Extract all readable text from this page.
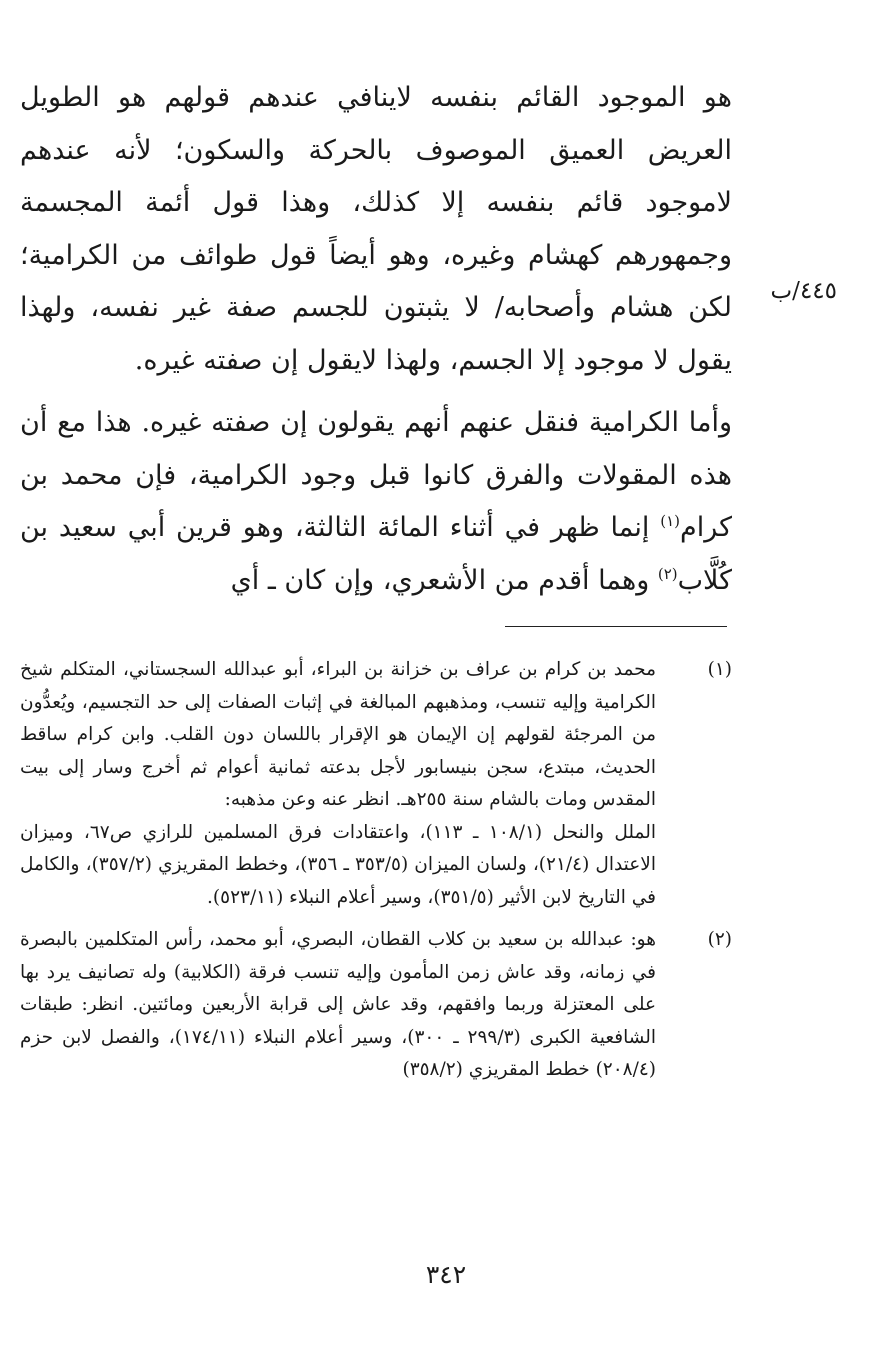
هو الموجود القائم بنفسه لاينافي عندهم قولهم هو الطويل العريض العميق الموصوف بالحركة والسكون؛ لأنه عندهم لاموجود قائم بنفسه إلا كذلك، وهذا قول أئمة المجسمة وجمهورهم كهشام وغيره، وهو أيضاً قول طوائف من الكرامية؛ لكن هشام وأصحابه/ لا يثبتون للجسم صفة غير نفسه، ولهذا يقول لا موجود إلا الجسم، ولهذا لايقول إن صفته غيره.

وأما الكرامية فنقل عنهم أنهم يقولون إن صفته غيره. هذا مع أن هذه المقولات والفرق كانوا قبل وجود الكرامية، فإن محمد بن كرام$^{(١)}$ إنما ظهر في أثناء المائة الثالثة، وهو قرين أبي سعيد بن كُلَّاب$^{(٢)}$ وهما أقدم من الأشعري، وإن كان ـ أي

٤٤٥/ب
(١)
محمد بن كرام بن عراف بن خزانة بن البراء، أبو عبدالله السجستاني، المتكلم شيخ الكرامية وإليه تنسب، ومذهبهم المبالغة في إثبات الصفات إلى حد التجسيم، ويُعدُّون من المرجئة لقولهم إن الإيمان هو الإقرار باللسان دون القلب. وابن كرام ساقط الحديث، مبتدع، سجن بنيسابور لأجل بدعته ثمانية أعوام ثم أخرج وسار إلى بيت المقدس ومات بالشام سنة ٢٥٥هـ. انظر عنه وعن مذهبه:
الملل والنحل (١٠٨/١ ـ ١١٣)، واعتقادات فرق المسلمين للرازي ص٦٧، وميزان الاعتدال (٢١/٤)، ولسان الميزان (٣٥٣/٥ ـ ٣٥٦)، وخطط المقريزي (٣٥٧/٢)، والكامل في التاريخ لابن الأثير (٣٥١/٥)، وسير أعلام النبلاء (٥٢٣/١١).
(٢)
هو: عبدالله بن سعيد بن كلاب القطان، البصري، أبو محمد، رأس المتكلمين بالبصرة في زمانه، وقد عاش زمن المأمون وإليه تنسب فرقة (الكلابية) وله تصانيف يرد بها على المعتزلة وربما وافقهم، وقد عاش إلى قرابة الأربعين ومائتين. انظر: طبقات الشافعية الكبرى (٢٩٩/٣ ـ ٣٠٠)، وسير أعلام النبلاء (١٧٤/١١)، والفصل لابن حزم (٢٠٨/٤) خطط المقريزي (٣٥٨/٢)
٣٤٢
